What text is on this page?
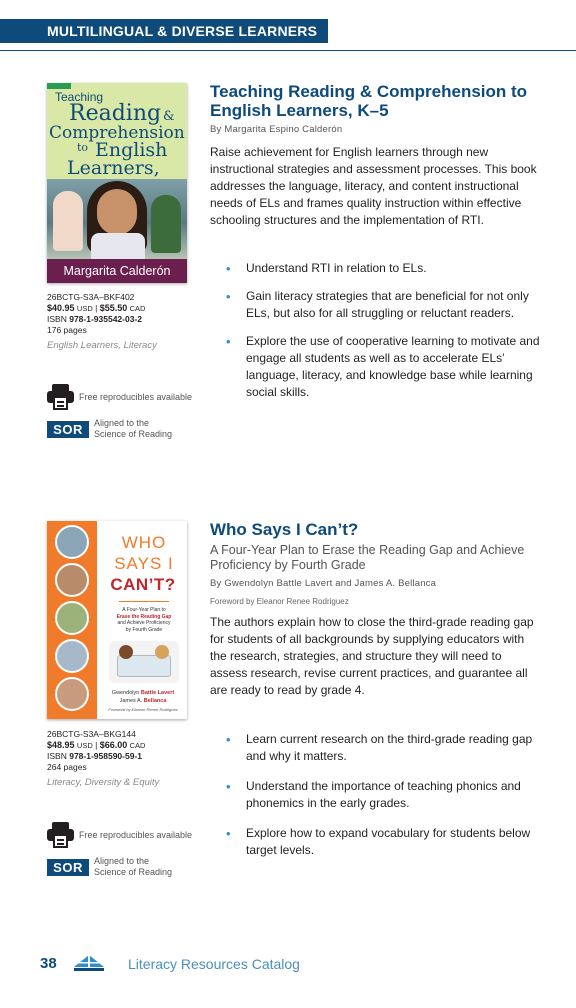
MULTILINGUAL & DIVERSE LEARNERS
Teaching
Reading &
Comprehension
to English
Learners,
Margarita Calderón
26BCTG-S3A–BKF402
$40.95 USD | $55.50 CAD
ISBN 978-1-935542-03-2
176 pages
English Learners, Literacy
Free reproducibles available
SOR	Aligned to the
Science of Reading
Teaching Reading & Comprehension to English Learners, K–5
By Margarita Espino Calderón
Raise achievement for English learners through new instructional strategies and assessment processes. This book addresses the language, literacy, and content instructional needs of ELs and frames quality instruction within effective schooling structures and the implementation of RTI.
• Understand RTI in relation to ELs.
• Gain literacy strategies that are beneficial for not only ELs, but also for all struggling or reluctant readers.
• Explore the use of cooperative learning to motivate and engage all students as well as to accelerate ELs’ language, literacy, and knowledge base while learning social skills.
WHO
SAYS I
CAN’T?
A Four-Year Plan to
Erase the Reading Gap
and Achieve Proficiency
by Fourth Grade
Gwendolyn Battle Lavert
James A. Bellanca
Foreword by Eleanor Renee Rodriguez
26BCTG-S3A–BKG144
$48.95 USD | $66.00 CAD
ISBN 978-1-958590-59-1
264 pages
Literacy, Diversity & Equity
Free reproducibles available
SOR	Aligned to the
Science of Reading
Who Says I Can’t?
A Four-Year Plan to Erase the Reading Gap and Achieve Proficiency by Fourth Grade
By Gwendolyn Battle Lavert and James A. Bellanca
Foreword by Eleanor Renee Rodriguez
The authors explain how to close the third-grade reading gap for students of all backgrounds by supplying educators with the research, strategies, and structure they will need to assess research, revise current practices, and guarantee all are ready to read by grade 4.
• Learn current research on the third-grade reading gap and why it matters.
• Understand the importance of teaching phonics and phonemics in the early grades.
• Explore how to expand vocabulary for students below target levels.
38	Literacy Resources Catalog
